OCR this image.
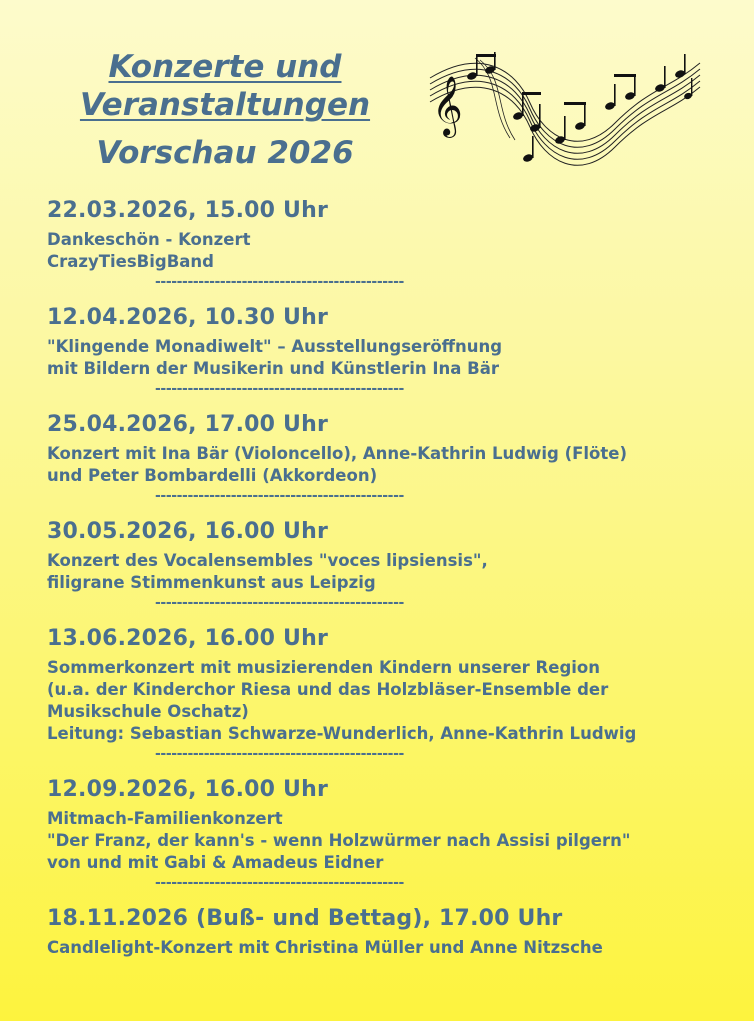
Konzerte und
Veranstaltungen
Vorschau 2026
𝄞
22.03.2026, 15.00 Uhr
Dankeschön - Konzert
CrazyTiesBigBand
----------------------------------------------
12.04.2026, 10.30 Uhr
"Klingende Monadiwelt" – Ausstellungseröffnung
mit Bildern der Musikerin und Künstlerin Ina Bär
----------------------------------------------
25.04.2026, 17.00 Uhr
Konzert mit Ina Bär (Violoncello), Anne-Kathrin Ludwig (Flöte)
und Peter Bombardelli (Akkordeon)
----------------------------------------------
30.05.2026, 16.00 Uhr
Konzert des Vocalensembles "voces lipsiensis",
filigrane Stimmenkunst aus Leipzig
----------------------------------------------
13.06.2026, 16.00 Uhr
Sommerkonzert mit musizierenden Kindern unserer Region
(u.a. der Kinderchor Riesa und das Holzbläser-Ensemble der
Musikschule Oschatz)
Leitung: Sebastian Schwarze-Wunderlich, Anne-Kathrin Ludwig
----------------------------------------------
12.09.2026, 16.00 Uhr
Mitmach-Familienkonzert
"Der Franz, der kann's - wenn Holzwürmer nach Assisi pilgern"
von und mit Gabi & Amadeus Eidner
----------------------------------------------
18.11.2026 (Buß- und Bettag), 17.00 Uhr
Candlelight-Konzert mit Christina Müller und Anne Nitzsche
